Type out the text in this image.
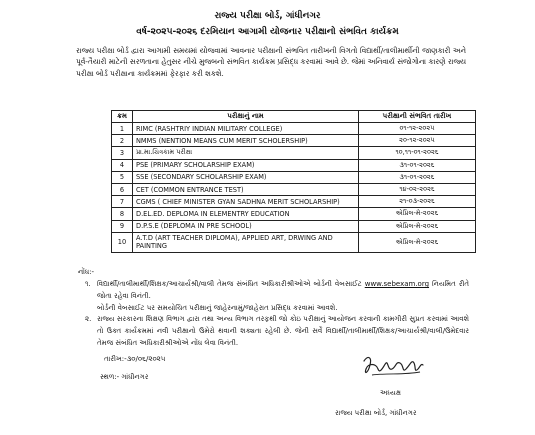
રાજ્ય પરીક્ષા બોર્ડ, ગાંધીનગર
વર્ષ-૨૦૨૫-૨૦૨૬ દરમિયાન આગામી યોજનાર પરીક્ષાનો સંભવિત કાર્યક્રમ
રાજ્ય પરીક્ષા બોર્ડ દ્વારા આગામી સમયમાં યોજવામાં આવનાર પરીક્ષાની સંભવિત તારીખની વિગતો વિદ્યાર્થી/તાલીમાર્થીની જાણકારી અને પૂર્વ-તૈયારી માટેની સરળતાના હેતુસર નીચે મુજબનો સંભવિત કાર્યક્રમ પ્રસિદ્ધ કરવામાં આવે છે. જેમાં અનિવાર્ય સંજોગોના કારણે રાજ્ય પરીક્ષા બોર્ડ પરીક્ષાના કાર્યક્રમમાં ફેરફાર કરી શકશે.
ક્રમ	પરીક્ષાનું નામ	પરીક્ષાની સંભવિત તારીખ
1	RIMC (RASHTRIY INDIAN MILITARY COLLEGE)	૦૧-૧૨-૨૦૨૫
2	NMMS (NENTION MEANS CUM MERIT SCHOLERSHIP)	૨૦-૧૨-૨૦૨૫
3	પ્રા.મા.ચિત્રકામ પરીક્ષા	૧૦,૧૧-૦૧-૨૦૨૬
4	PSE (PRIMARY SCHOLARSHIP EXAM)	૩૧-૦૧-૨૦૨૬
5	SSE (SECONDARY SCHOLARSHIP EXAM)	૩૧-૦૧-૨૦૨૬
6	CET (COMMON ENTRANCE TEST)	૧૪-૦૨-૨૦૨૬
7	CGMS ( CHIEF MINISTER GYAN SADHNA MERIT SCHOLARSHIP)	૨૧-૦૩-૨૦૨૬
8	D.EL.ED. DEPLOMA IN ELEMENTRY EDUCATION	એપ્રિલ-મે-૨૦૨૬
9	D.P.S.E (DEPLOMA IN PRE SCHOOL)	એપ્રિલ-મે-૨૦૨૬
10	A.T.D (ART TEACHER DIPLOMA), APPLIED ART, DRWING AND PAINTING	એપ્રિલ-મે-૨૦૨૬
નોંધ:-
૧. વિદ્યાર્થી/તાલીમાર્થી/શિક્ષક/આચાર્યશ્રી/વાલી તેમજ સંબંધિત અધિકારીશ્રીઓએ બોર્ડની વેબસાઈટ www.sebexam.org નિયમિત રીતે જોતા રહેવા વિનંતી.
બોર્ડની વેબસાઈટ પર સમયોચિત પરીક્ષાનું જાહેરનામું/જાહેરાત પ્રસિદ્ધ કરવામાં આવશે.
૨. રાજ્ય સરકારના શિક્ષણ વિભાગ દ્વારા તથા અન્ય વિભાગ તરફથી જો કોઇ પરીક્ષાનું આયોજન કરવાની કામગીરી સુપ્રત કરવામાં આવશે તો ઉક્ત કાર્યક્રમમાં નવી પરીક્ષાનો ઉમેરો થવાની શક્યતા રહેલી છે. જેની સર્વે વિદ્યાર્થી/તાલીમાર્થી/શિક્ષક/આચાર્યશ્રી/વાલી/ઉમેદવાર તેમજ સંબંધિત અધિકારીશ્રીઓએ નોંધ લેવા વિનંતી.
તારીખ:-૩૦/૦૬/૨૦૨૫
સ્થળ:- ગાંધીનગર
અધ્યક્ષ
રાજ્ય પરીક્ષા બોર્ડ, ગાંધીનગર
